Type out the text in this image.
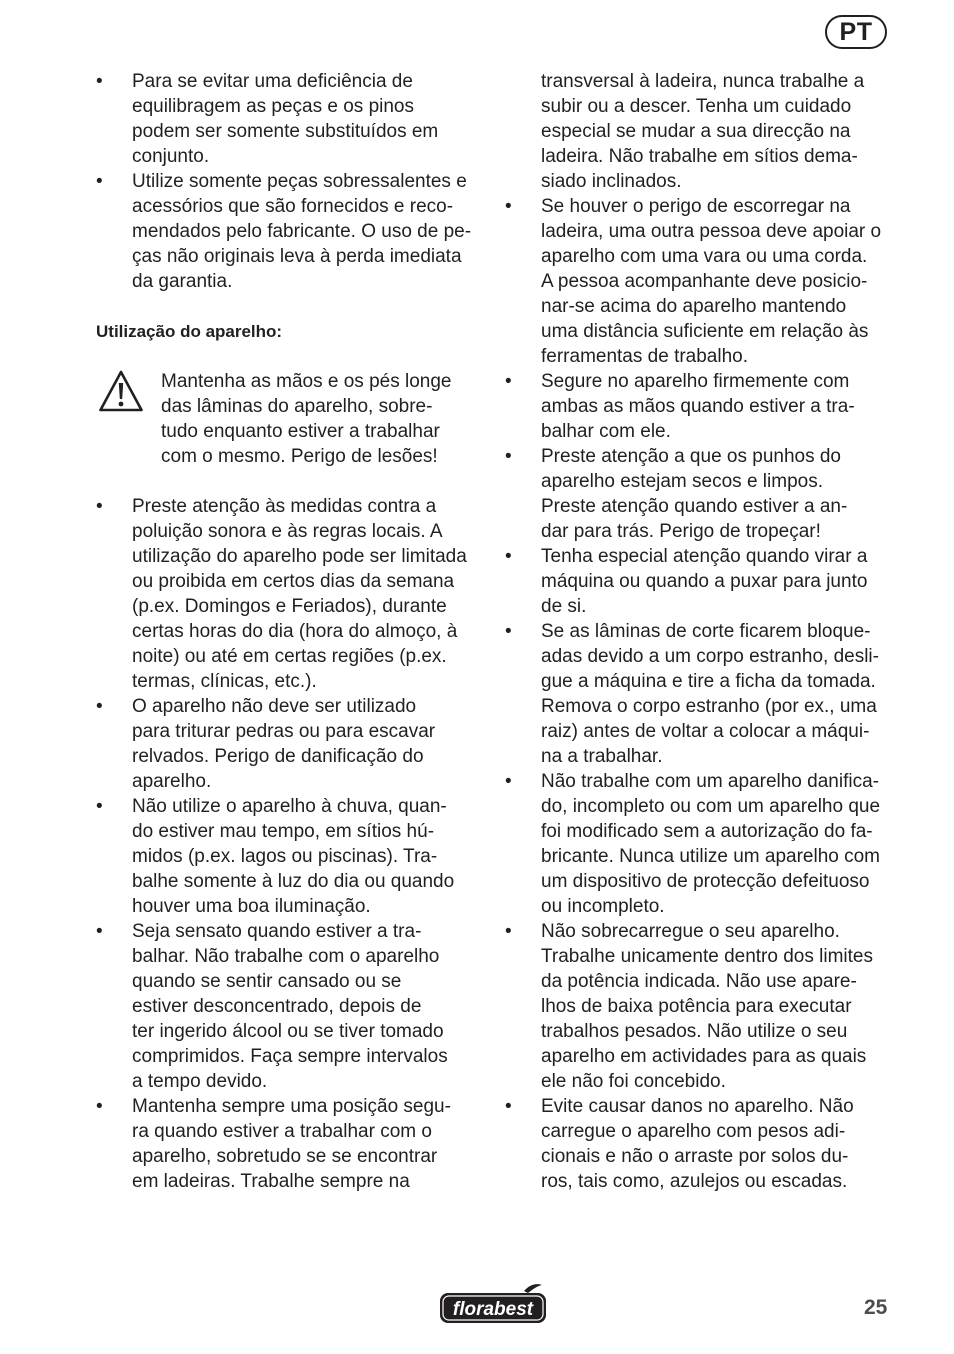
PT
• Para se evitar uma deficiência de
equilibragem as peças e os pinos
podem ser somente substituídos em
conjunto.
• Utilize somente peças sobressalentes e
acessórios que são fornecidos e reco-
mendados pelo fabricante. O uso de pe-
ças não originais leva à perda imediata
da garantia.
Utilização do aparelho:
Mantenha as mãos e os pés longe
das lâminas do aparelho, sobre-
tudo enquanto estiver a trabalhar
com o mesmo. Perigo de lesões!
• Preste atenção às medidas contra a
poluição sonora e às regras locais. A
utilização do aparelho pode ser limitada
ou proibida em certos dias da semana
(p.ex. Domingos e Feriados), durante
certas horas do dia (hora do almoço, à
noite) ou até em certas regiões (p.ex.
termas, clínicas, etc.).
• O aparelho não deve ser utilizado
para triturar pedras ou para escavar
relvados. Perigo de danificação do
aparelho.
• Não utilize o aparelho à chuva, quan-
do estiver mau tempo, em sítios hú-
midos (p.ex. lagos ou piscinas). Tra-
balhe somente à luz do dia ou quando
houver uma boa iluminação.
• Seja sensato quando estiver a tra-
balhar. Não trabalhe com o aparelho
quando se sentir cansado ou se
estiver desconcentrado, depois de
ter ingerido álcool ou se tiver tomado
comprimidos. Faça sempre intervalos
a tempo devido.
• Mantenha sempre uma posição segu-
ra quando estiver a trabalhar com o
aparelho, sobretudo se se encontrar
em ladeiras. Trabalhe sempre na
transversal à ladeira, nunca trabalhe a
subir ou a descer. Tenha um cuidado
especial se mudar a sua direcção na
ladeira. Não trabalhe em sítios dema-
siado inclinados.
• Se houver o perigo de escorregar na
ladeira, uma outra pessoa deve apoiar o
aparelho com uma vara ou uma corda.
A pessoa acompanhante deve posicio-
nar-se acima do aparelho mantendo
uma distância suficiente em relação às
ferramentas de trabalho.
• Segure no aparelho firmemente com
ambas as mãos quando estiver a tra-
balhar com ele.
• Preste atenção a que os punhos do
aparelho estejam secos e limpos.
Preste atenção quando estiver a an-
dar para trás. Perigo de tropeçar!
• Tenha especial atenção quando virar a
máquina ou quando a puxar para junto
de si.
• Se as lâminas de corte ficarem bloque-
adas devido a um corpo estranho, desli-
gue a máquina e tire a ficha da tomada.
Remova o corpo estranho (por ex., uma
raiz) antes de voltar a colocar a máqui-
na a trabalhar.
• Não trabalhe com um aparelho danifica-
do, incompleto ou com um aparelho que
foi modificado sem a autorização do fa-
bricante. Nunca utilize um aparelho com
um dispositivo de protecção defeituoso
ou incompleto.
• Não sobrecarregue o seu aparelho.
Trabalhe unicamente dentro dos limites
da potência indicada. Não use apare-
lhos de baixa potência para executar
trabalhos pesados. Não utilize o seu
aparelho em actividades para as quais
ele não foi concebido.
• Evite causar danos no aparelho. Não
carregue o aparelho com pesos adi-
cionais e não o arraste por solos du-
ros, tais como, azulejos ou escadas.
florabest	25
